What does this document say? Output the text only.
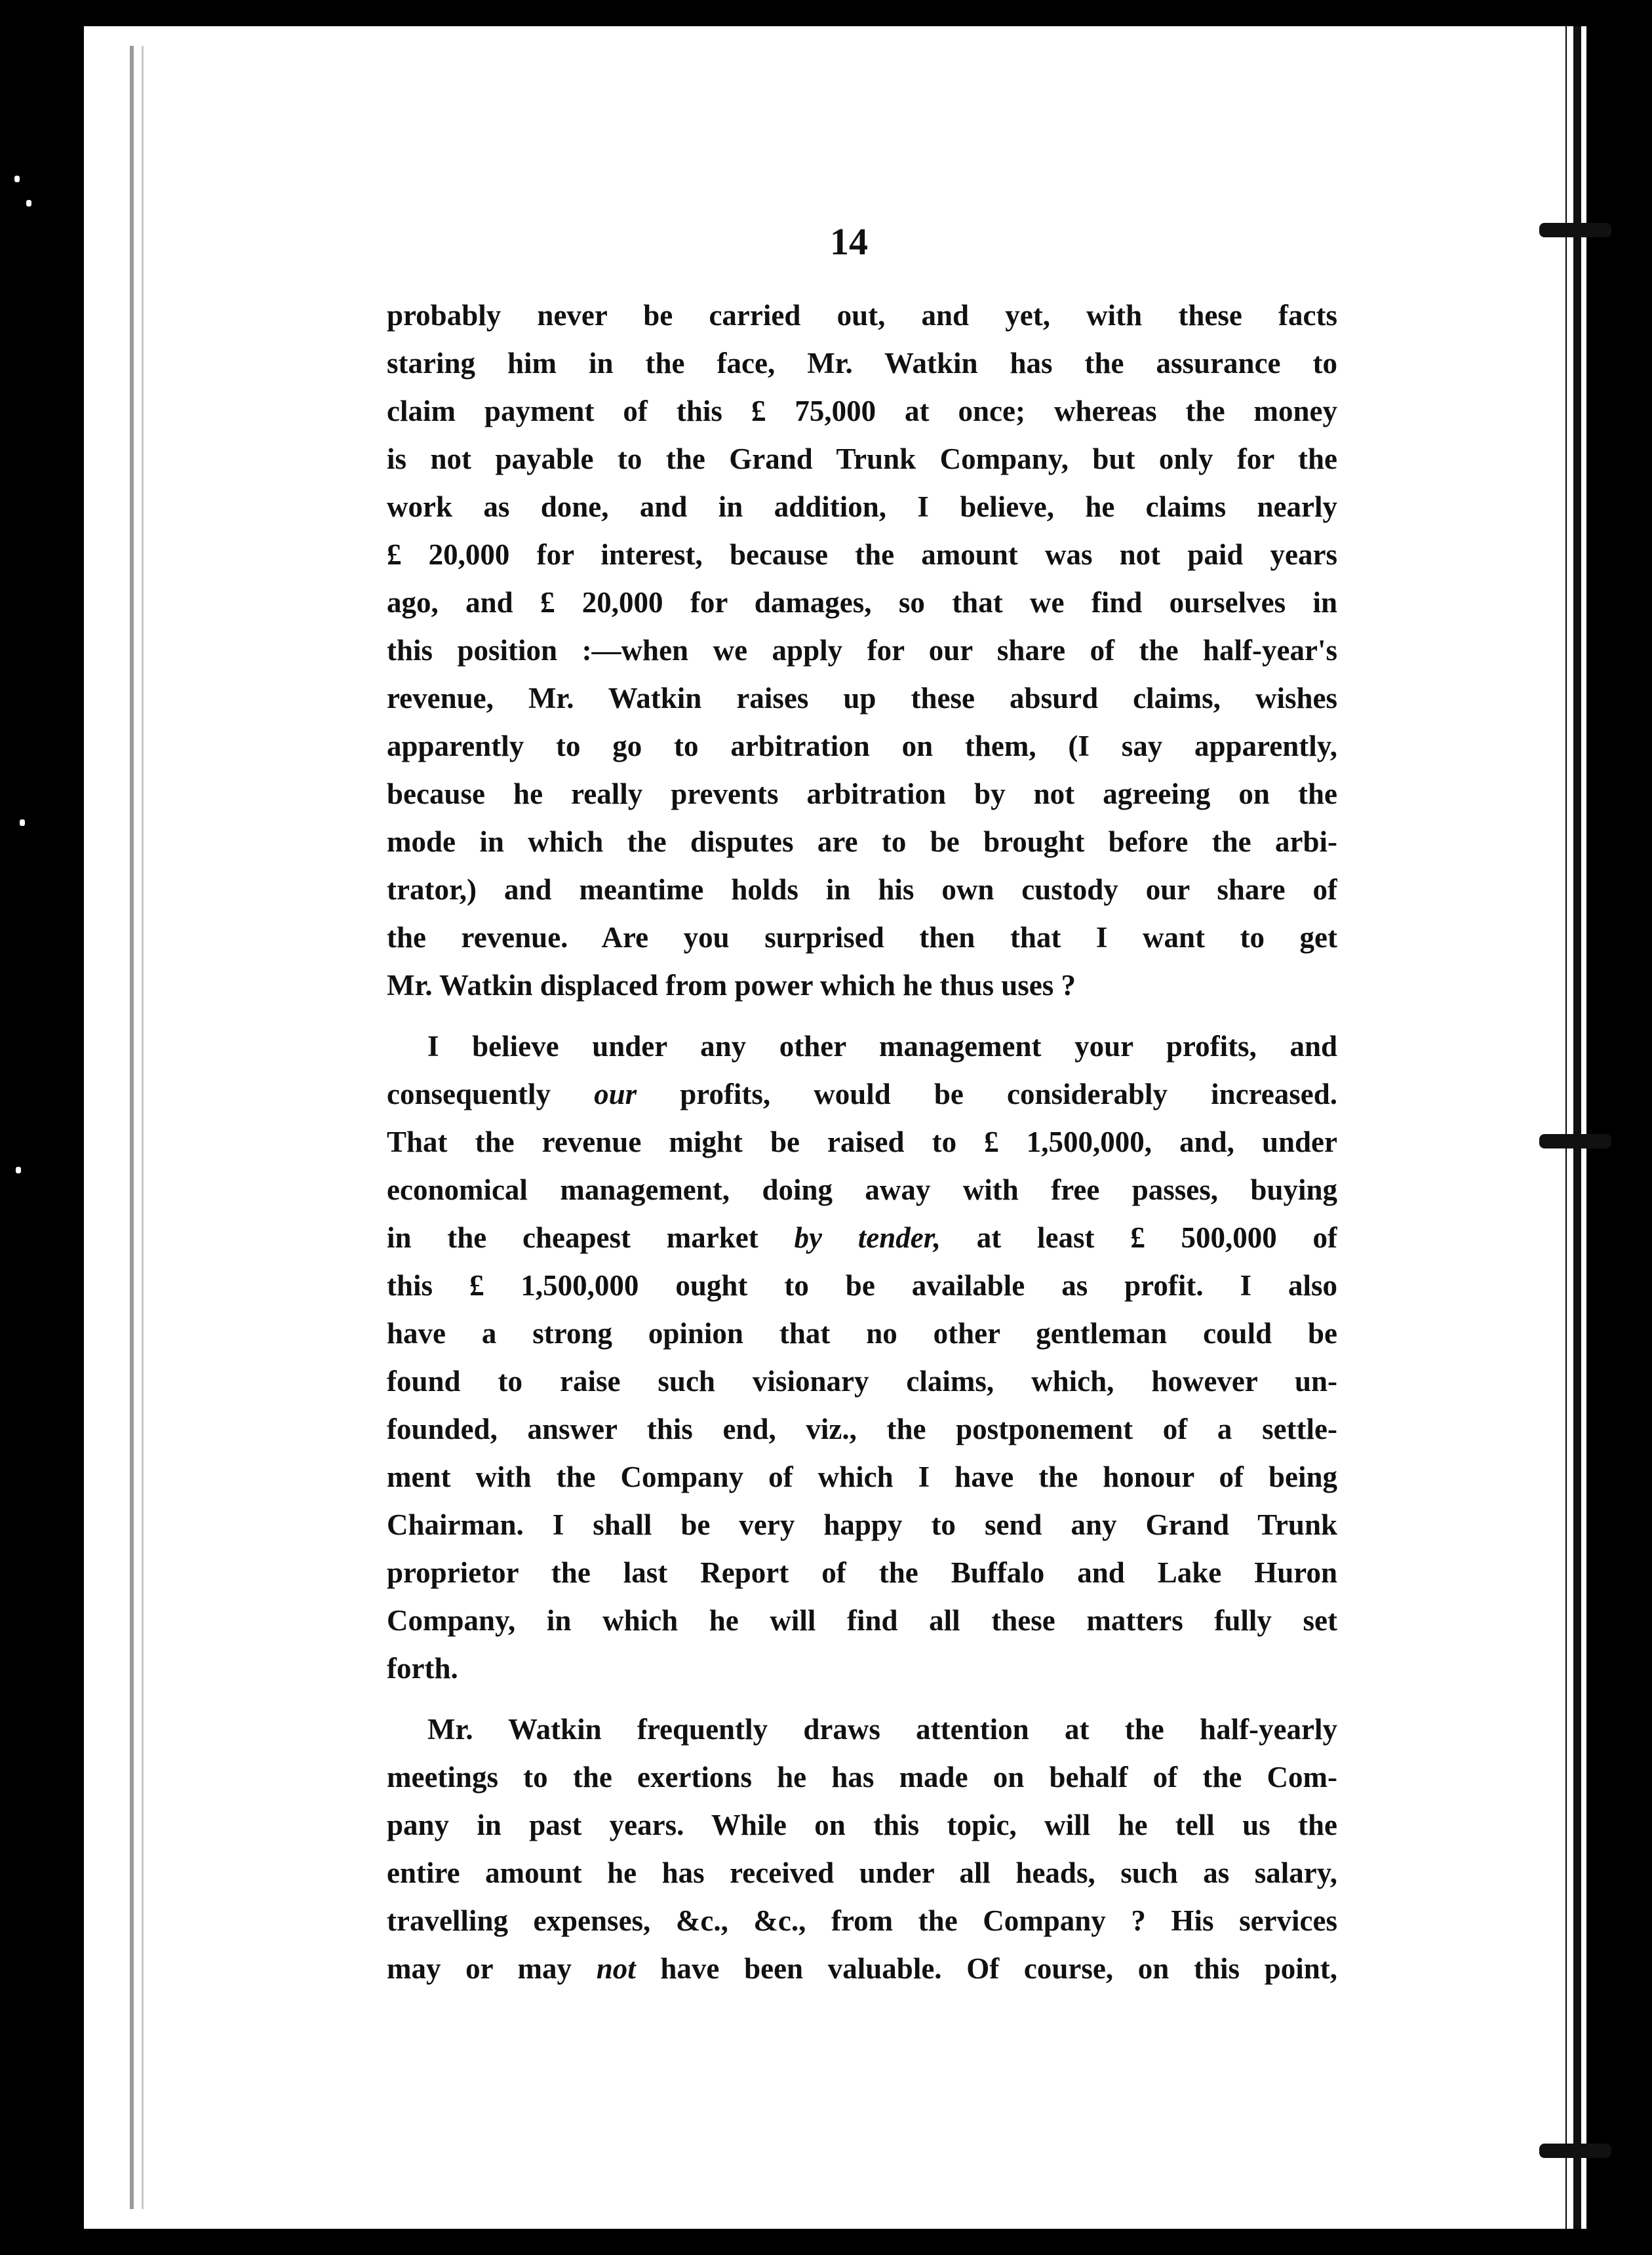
14

probably never be carried out, and yet, with these facts
staring him in the face, Mr. Watkin has the assurance to
claim payment of this £ 75,000 at once; whereas the money
is not payable to the Grand Trunk Company, but only for the
work as done, and in addition, I believe, he claims nearly
£ 20,000 for interest, because the amount was not paid years
ago, and £ 20,000 for damages, so that we find ourselves in
this position :—when we apply for our share of the half-year's
revenue, Mr. Watkin raises up these absurd claims, wishes
apparently to go to arbitration on them, (I say apparently,
because he really prevents arbitration by not agreeing on the
mode in which the disputes are to be brought before the arbi-
trator,) and meantime holds in his own custody our share of
the revenue. Are you surprised then that I want to get
Mr. Watkin displaced from power which he thus uses ?

I believe under any other management your profits, and
consequently our profits, would be considerably increased.
That the revenue might be raised to £ 1,500,000, and, under
economical management, doing away with free passes, buying
in the cheapest market by tender, at least £ 500,000 of
this £ 1,500,000 ought to be available as profit. I also
have a strong opinion that no other gentleman could be
found to raise such visionary claims, which, however un-
founded, answer this end, viz., the postponement of a settle-
ment with the Company of which I have the honour of being
Chairman. I shall be very happy to send any Grand Trunk
proprietor the last Report of the Buffalo and Lake Huron
Company, in which he will find all these matters fully set
forth.

Mr. Watkin frequently draws attention at the half-yearly
meetings to the exertions he has made on behalf of the Com-
pany in past years. While on this topic, will he tell us the
entire amount he has received under all heads, such as salary,
travelling expenses, &c., &c., from the Company ? His services
may or may not have been valuable. Of course, on this point,
